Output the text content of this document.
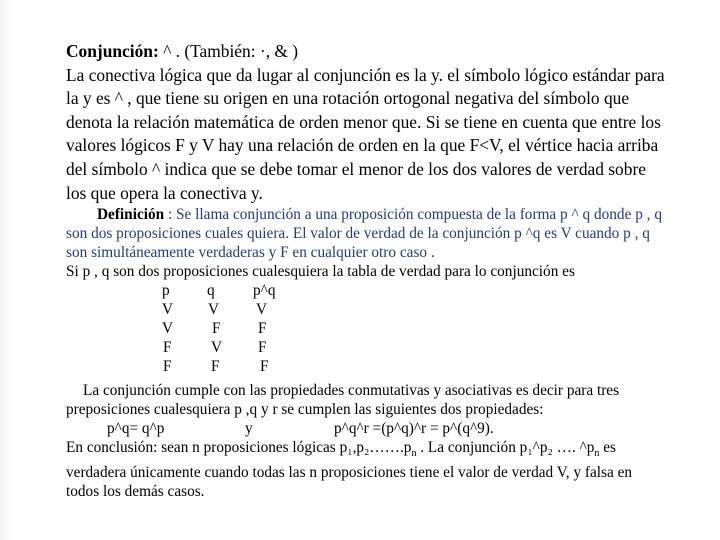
Conjunción: ^ . (También: ·, & )

La conectiva lógica que da lugar al conjunción es la y. el símbolo lógico estándar para la y es ^ , que tiene su origen en una rotación ortogonal negativa del símbolo que denota la relación matemática de orden menor que. Si se tiene en cuenta que entre los valores lógicos F y V hay una relación de orden en la que F<V, el vértice hacia arriba del símbolo ^ indica que se debe tomar el menor de los dos valores de verdad sobre los que opera la conectiva y.

Definición : Se llama conjunción a una proposición compuesta de la forma p ^ q donde p , q son dos proposiciones cuales quiera. El valor de verdad de la conjunción p ^q es V cuando p , q son simultáneamente verdaderas y F en cualquier otro caso .

Si p , q son dos proposiciones cualesquiera la tabla de verdad para lo conjunción es

p q	p^q
V V V
V	F F
F	V F
F	F	F

La conjunción cumple con las propiedades conmutativas y asociativas es decir para tres preposiciones cualesquiera p ,q y r se cumplen las siguientes dos propiedades:

p^q= q^p	y	p^q^r =(p^q)^r = p^(q^9).

En conclusión: sean n proposiciones lógicas $p_1,p_2\dots\dots.p_n$ . La conjunción p₁^p₂ …. $\^{}p_n$ es verdadera únicamente cuando todas las n proposiciones tiene el valor de verdad V, y falsa en todos los demás casos.
